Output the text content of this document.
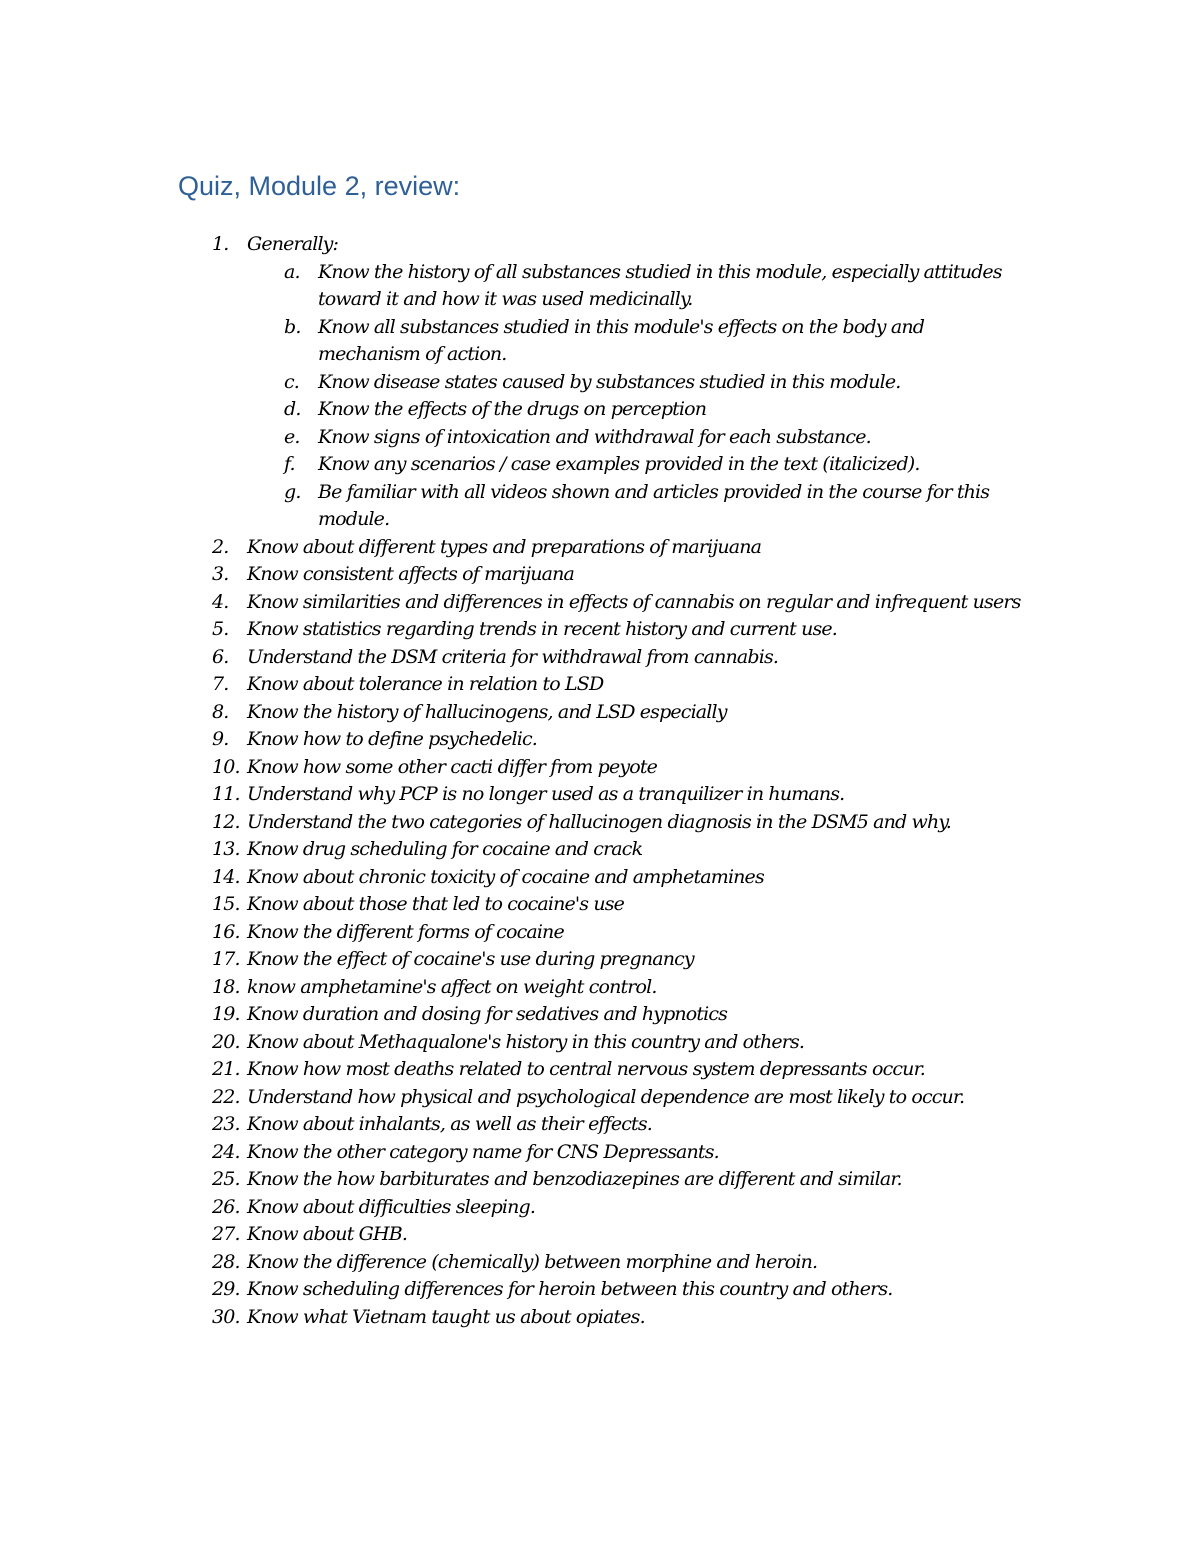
Quiz, Module 2, review:
1. Generally:
a. Know the history of all substances studied in this module, especially attitudes toward it and how it was used medicinally.
b. Know all substances studied in this module's effects on the body and mechanism of action.
c. Know disease states caused by substances studied in this module.
d. Know the effects of the drugs on perception
e. Know signs of intoxication and withdrawal for each substance.
f. Know any scenarios / case examples provided in the text (italicized).
g. Be familiar with all videos shown and articles provided in the course for this module.
2. Know about different types and preparations of marijuana
3. Know consistent affects of marijuana
4. Know similarities and differences in effects of cannabis on regular and infrequent users
5. Know statistics regarding trends in recent history and current use.
6. Understand the DSM criteria for withdrawal from cannabis.
7. Know about tolerance in relation to LSD
8. Know the history of hallucinogens, and LSD especially
9. Know how to define psychedelic.
10. Know how some other cacti differ from peyote
11. Understand why PCP is no longer used as a tranquilizer in humans.
12. Understand the two categories of hallucinogen diagnosis in the DSM5 and why.
13. Know drug scheduling for cocaine and crack
14. Know about chronic toxicity of cocaine and amphetamines
15. Know about those that led to cocaine's use
16. Know the different forms of cocaine
17. Know the effect of cocaine's use during pregnancy
18. know amphetamine's affect on weight control.
19. Know duration and dosing for sedatives and hypnotics
20. Know about Methaqualone's history in this country and others.
21. Know how most deaths related to central nervous system depressants occur.
22. Understand how physical and psychological dependence are most likely to occur.
23. Know about inhalants, as well as their effects.
24. Know the other category name for CNS Depressants.
25. Know the how barbiturates and benzodiazepines are different and similar.
26. Know about difficulties sleeping.
27. Know about GHB.
28. Know the difference (chemically) between morphine and heroin.
29. Know scheduling differences for heroin between this country and others.
30. Know what Vietnam taught us about opiates.
